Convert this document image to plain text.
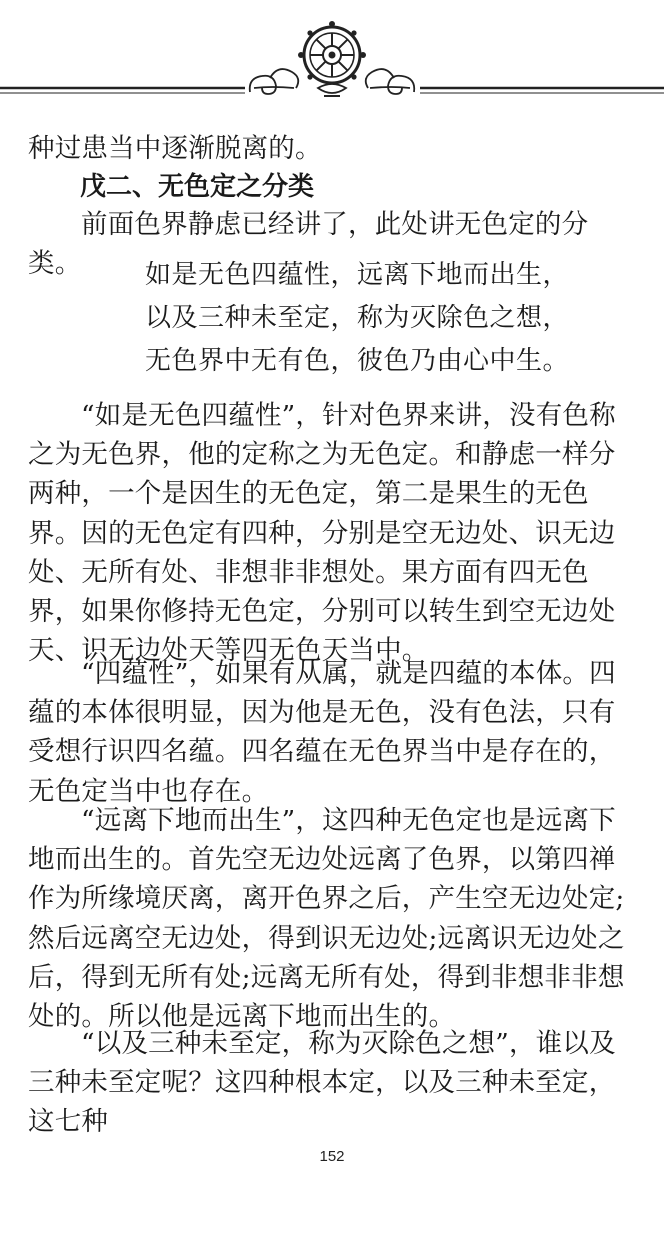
种过患当中逐渐脱离的。

戊二、无色定之分类

前面色界静虑已经讲了，此处讲无色定的分类。	如是无色四蕴性，远离下地而出生，

以及三种未至定，称为灭除色之想，

无色界中无有色，彼色乃由心中生。

“如是无色四蕴性”，针对色界来讲，没有色称之为无色界，他的定称之为无色定。和静虑一样分两种，一个是因生的无色定，第二是果生的无色界。因的无色定有四种，分别是空无边处、识无边处、无所有处、非想非非想处。果方面有四无色界，如果你修持无色定，分别可以转生到空无边处天、识无边处天等四无色天当中。

“四蕴性”，如果有从属，就是四蕴的本体。四蕴的本体很明显，因为他是无色，没有色法，只有受想行识四名蕴。四名蕴在无色界当中是存在的，无色定当中也存在。

“远离下地而出生”，这四种无色定也是远离下地而出生的。首先空无边处远离了色界，以第四禅作为所缘境厌离，离开色界之后，产生空无边处定;然后远离空无边处，得到识无边处;远离识无边处之后，得到无所有处;远离无所有处，得到非想非非想处的。所以他是远离下地而出生的。

“以及三种未至定，称为灭除色之想”，谁以及三种未至定呢？这四种根本定，以及三种未至定，这七种

152
